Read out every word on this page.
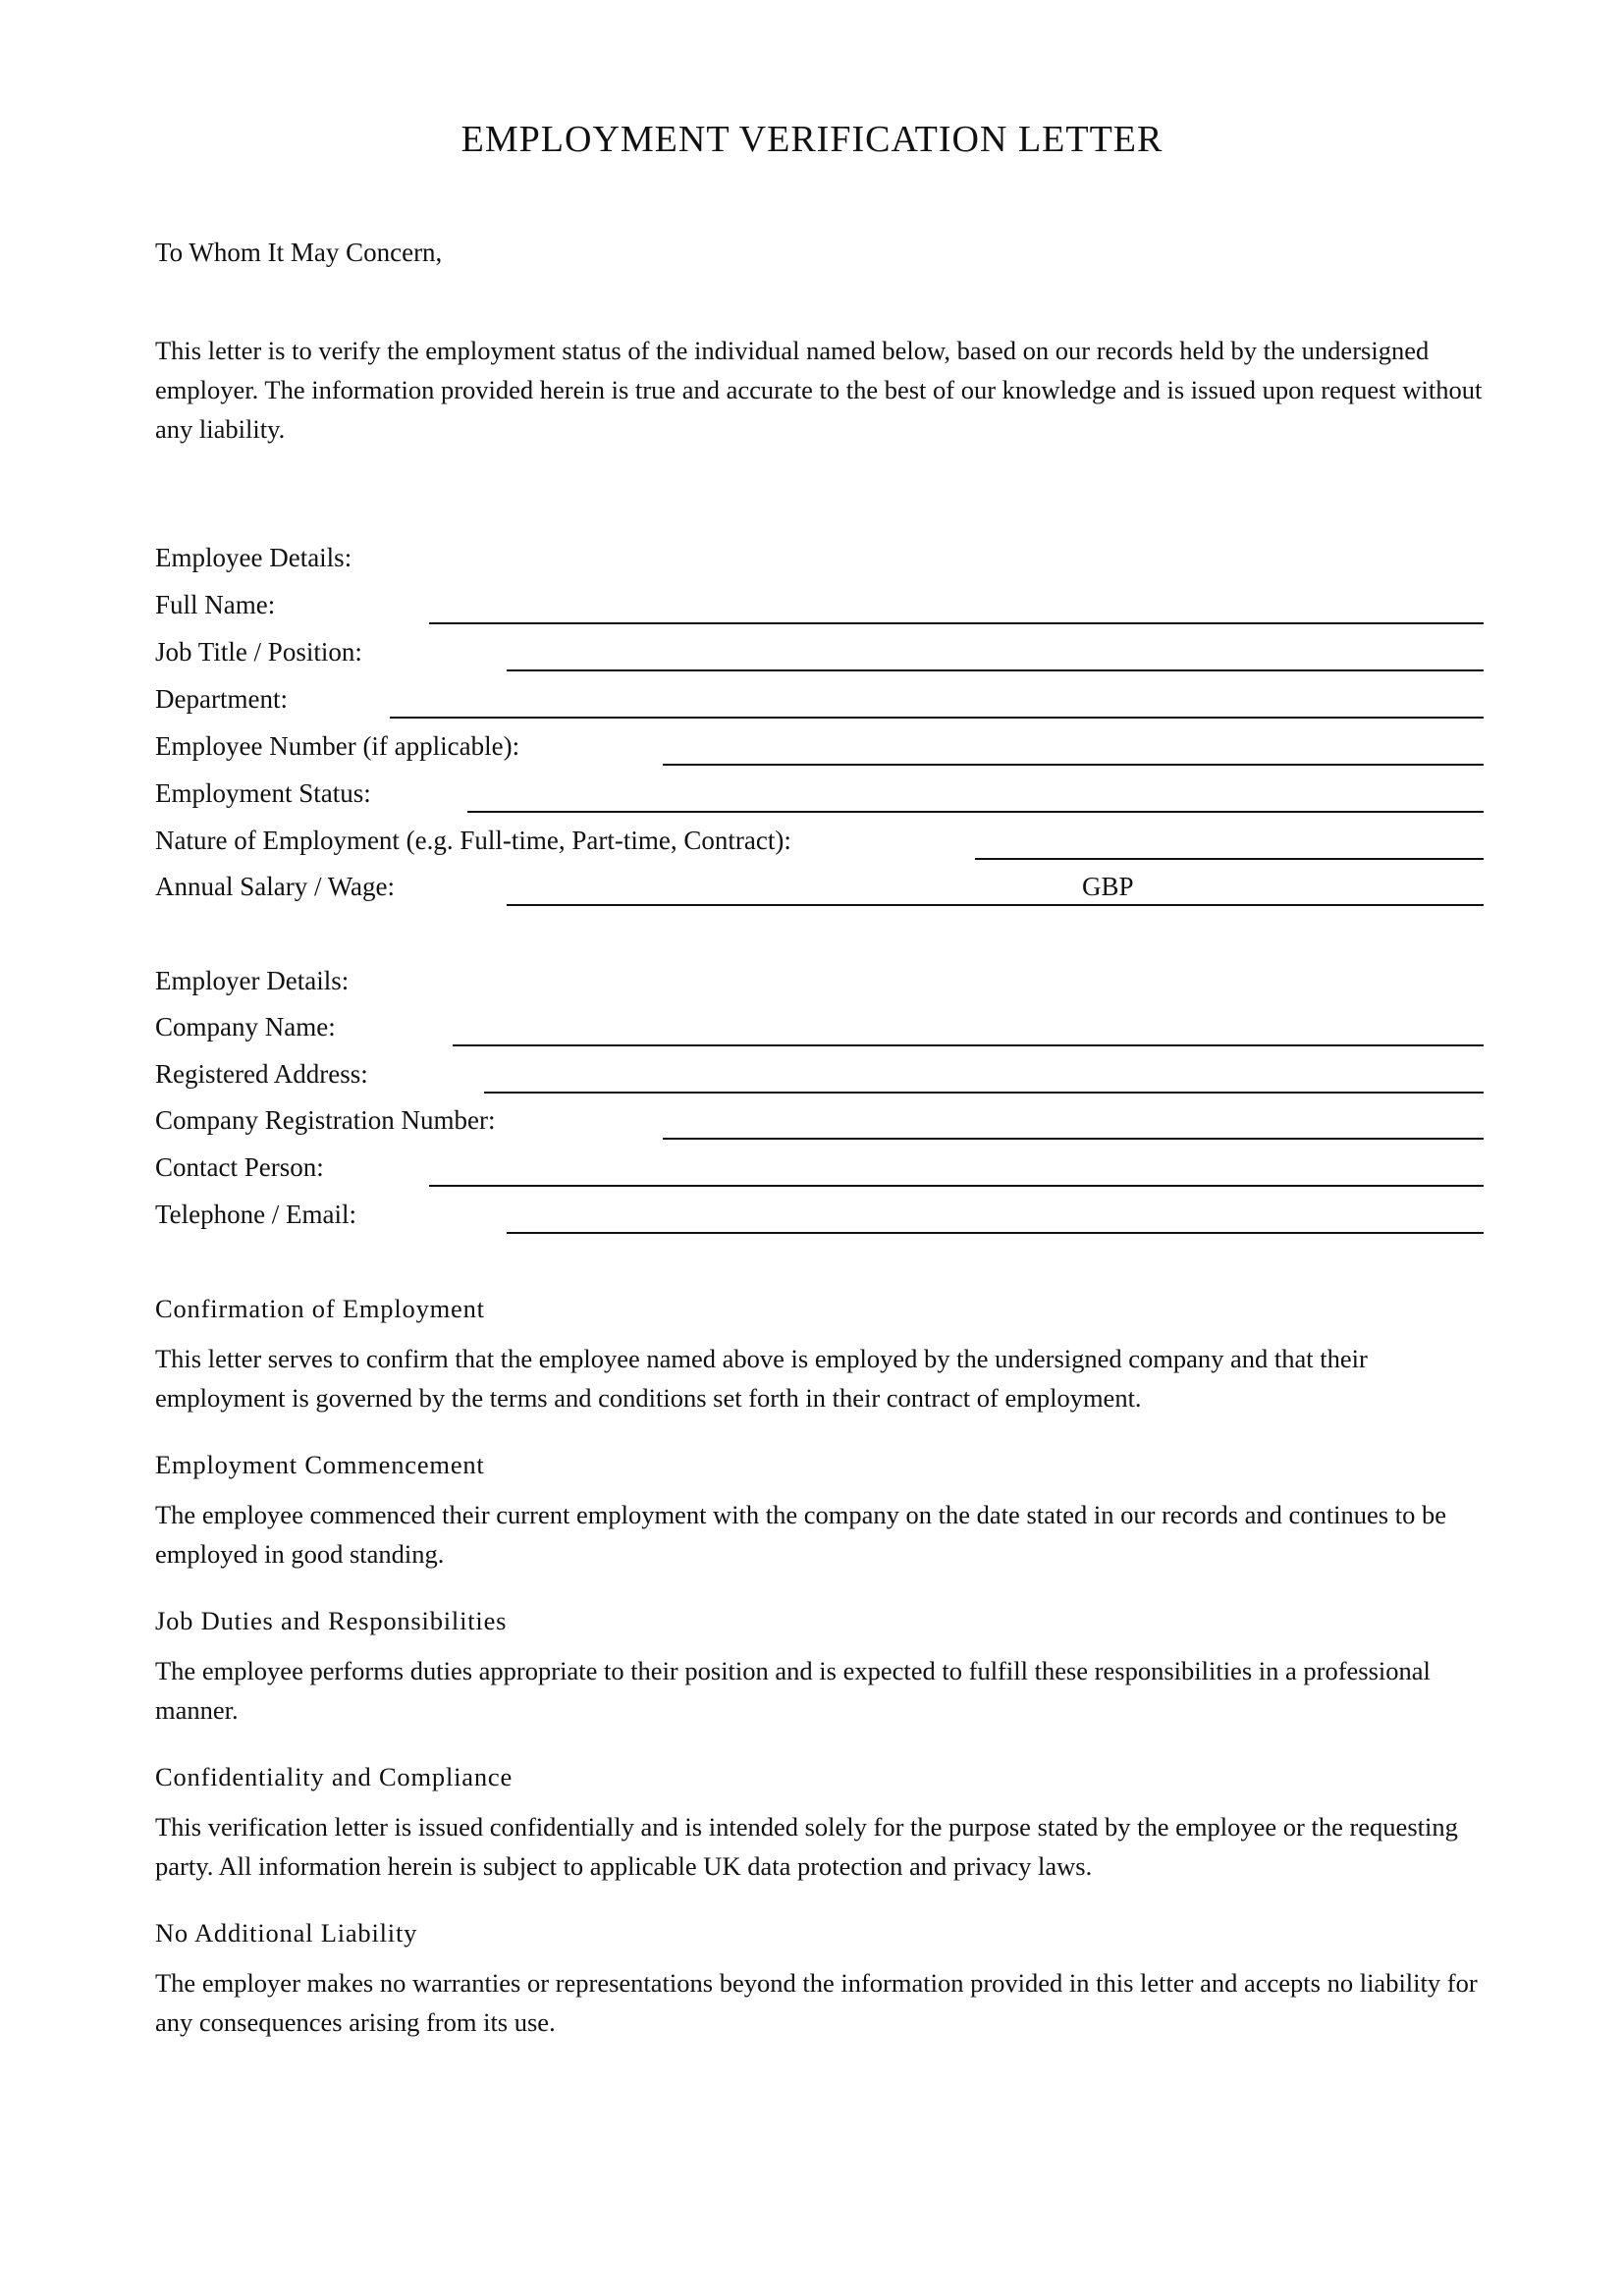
EMPLOYMENT VERIFICATION LETTER

To Whom It May Concern,

This letter is to verify the employment status of the individual named below, based on our records held by the undersigned employer. The information provided herein is true and accurate to the best of our knowledge and is issued upon request without any liability.

Employee Details:

Full Name:
Job Title / Position:
Department:
Employee Number (if applicable):
Employment Status:
Nature of Employment (e.g. Full-time, Part-time, Contract):
Annual Salary / Wage:	GBP

Employer Details:

Company Name:
Registered Address:
Company Registration Number:
Contact Person:
Telephone / Email:
Confirmation of Employment

This letter serves to confirm that the employee named above is employed by the undersigned company and that their employment is governed by the terms and conditions set forth in their contract of employment.

Employment Commencement

The employee commenced their current employment with the company on the date stated in our records and continues to be employed in good standing.

Job Duties and Responsibilities

The employee performs duties appropriate to their position and is expected to fulfill these responsibilities in a professional manner.

Confidentiality and Compliance

This verification letter is issued confidentially and is intended solely for the purpose stated by the employee or the requesting party. All information herein is subject to applicable UK data protection and privacy laws.

No Additional Liability

The employer makes no warranties or representations beyond the information provided in this letter and accepts no liability for any consequences arising from its use.
